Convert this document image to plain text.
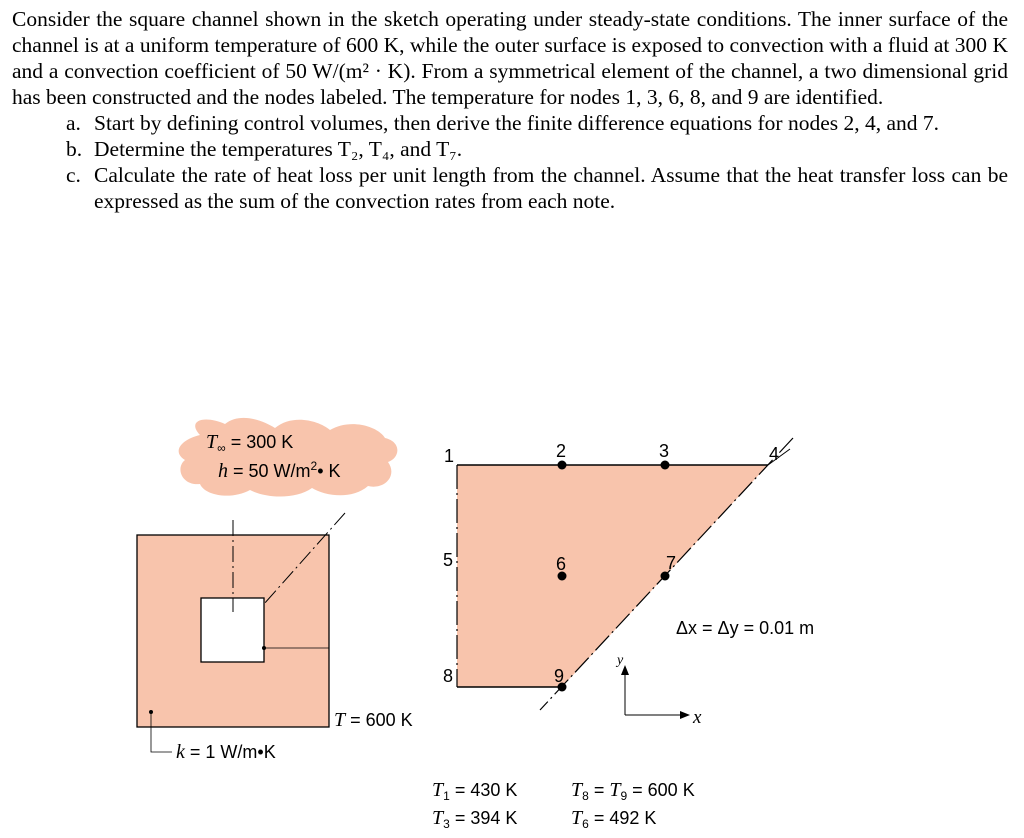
Consider the square channel shown in the sketch operating under steady-state conditions. The inner surface of the channel is at a uniform temperature of 600 K, while the outer surface is exposed to convection with a fluid at 300 K and a convection coefficient of 50 W/(m² · K). From a symmetrical element of the channel, a two dimensional grid has been constructed and the nodes labeled. The temperature for nodes 1, 3, 6, 8, and 9 are identified.

a. Start by defining control volumes, then derive the finite difference equations for nodes 2, 4, and 7.
b. Determine the temperatures T₂, T₄, and T₇.
c. Calculate the rate of heat loss per unit length from the channel. Assume that the heat transfer loss can be expressed as the sum of the convection rates from each note.
1	2	3	4
5	6	7
8	9
y
x
$T_\infty = 300$ K
h = 50 $W/m^2•$ K
T = 600 K
k = 1 W/m•K
Δx = Δy = 0.01 m
$T_1 = 430$ K
$T_3 = 394$ K
$T_8 = T_9 = 600$ K
$T_6 = 492$ K
